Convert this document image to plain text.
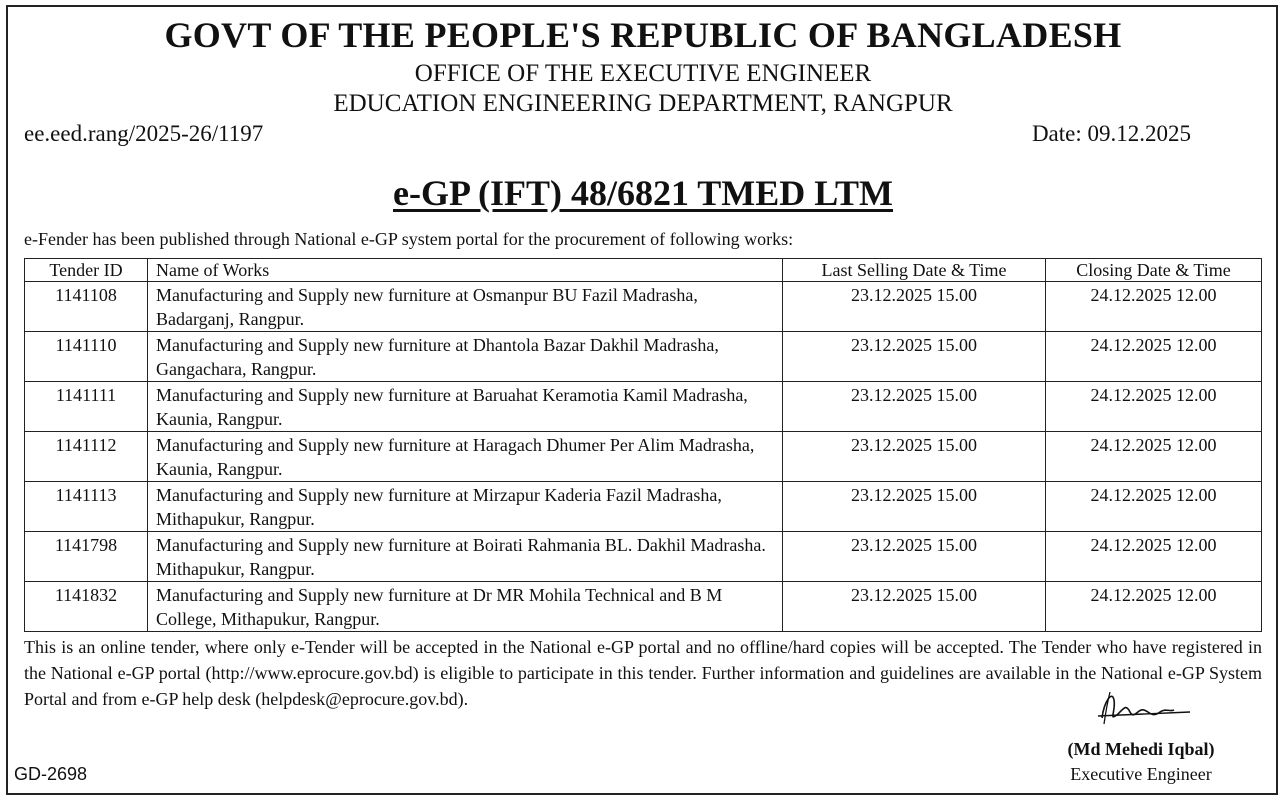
GOVT OF THE PEOPLE'S REPUBLIC OF BANGLADESH
OFFICE OF THE EXECUTIVE ENGINEER
EDUCATION ENGINEERING DEPARTMENT, RANGPUR
ee.eed.rang/2025-26/1197	Date: 09.12.2025
e-GP (IFT) 48/6821 TMED LTM
e-Fender has been published through National e-GP system portal for the procurement of following works:
Tender ID	Name of Works	Last Selling Date & Time	Closing Date & Time
1141108	Manufacturing and Supply new furniture at Osmanpur BU Fazil Madrasha, Badarganj, Rangpur.	23.12.2025 15.00	24.12.2025 12.00
1141110	Manufacturing and Supply new furniture at Dhantola Bazar Dakhil Madrasha, Gangachara, Rangpur.	23.12.2025 15.00	24.12.2025 12.00
1141111	Manufacturing and Supply new furniture at Baruahat Keramotia Kamil Madrasha, Kaunia, Rangpur.	23.12.2025 15.00	24.12.2025 12.00
1141112	Manufacturing and Supply new furniture at Haragach Dhumer Per Alim Madrasha, Kaunia, Rangpur.	23.12.2025 15.00	24.12.2025 12.00
1141113	Manufacturing and Supply new furniture at Mirzapur Kaderia Fazil Madrasha, Mithapukur, Rangpur.	23.12.2025 15.00	24.12.2025 12.00
1141798	Manufacturing and Supply new furniture at Boirati Rahmania BL. Dakhil Madrasha. Mithapukur, Rangpur.	23.12.2025 15.00	24.12.2025 12.00
1141832	Manufacturing and Supply new furniture at Dr MR Mohila Technical and B M College, Mithapukur, Rangpur.	23.12.2025 15.00	24.12.2025 12.00
This is an online tender, where only e-Tender will be accepted in the National e-GP portal and no offline/hard copies will be accepted. The Tender who have registered in the National e-GP portal (http://www.eprocure.gov.bd) is eligible to participate in this tender. Further information and guidelines are available in the National e-GP System Portal and from e-GP help desk (helpdesk@eprocure.gov.bd).
(Md Mehedi Iqbal)
Executive Engineer
GD-2698
